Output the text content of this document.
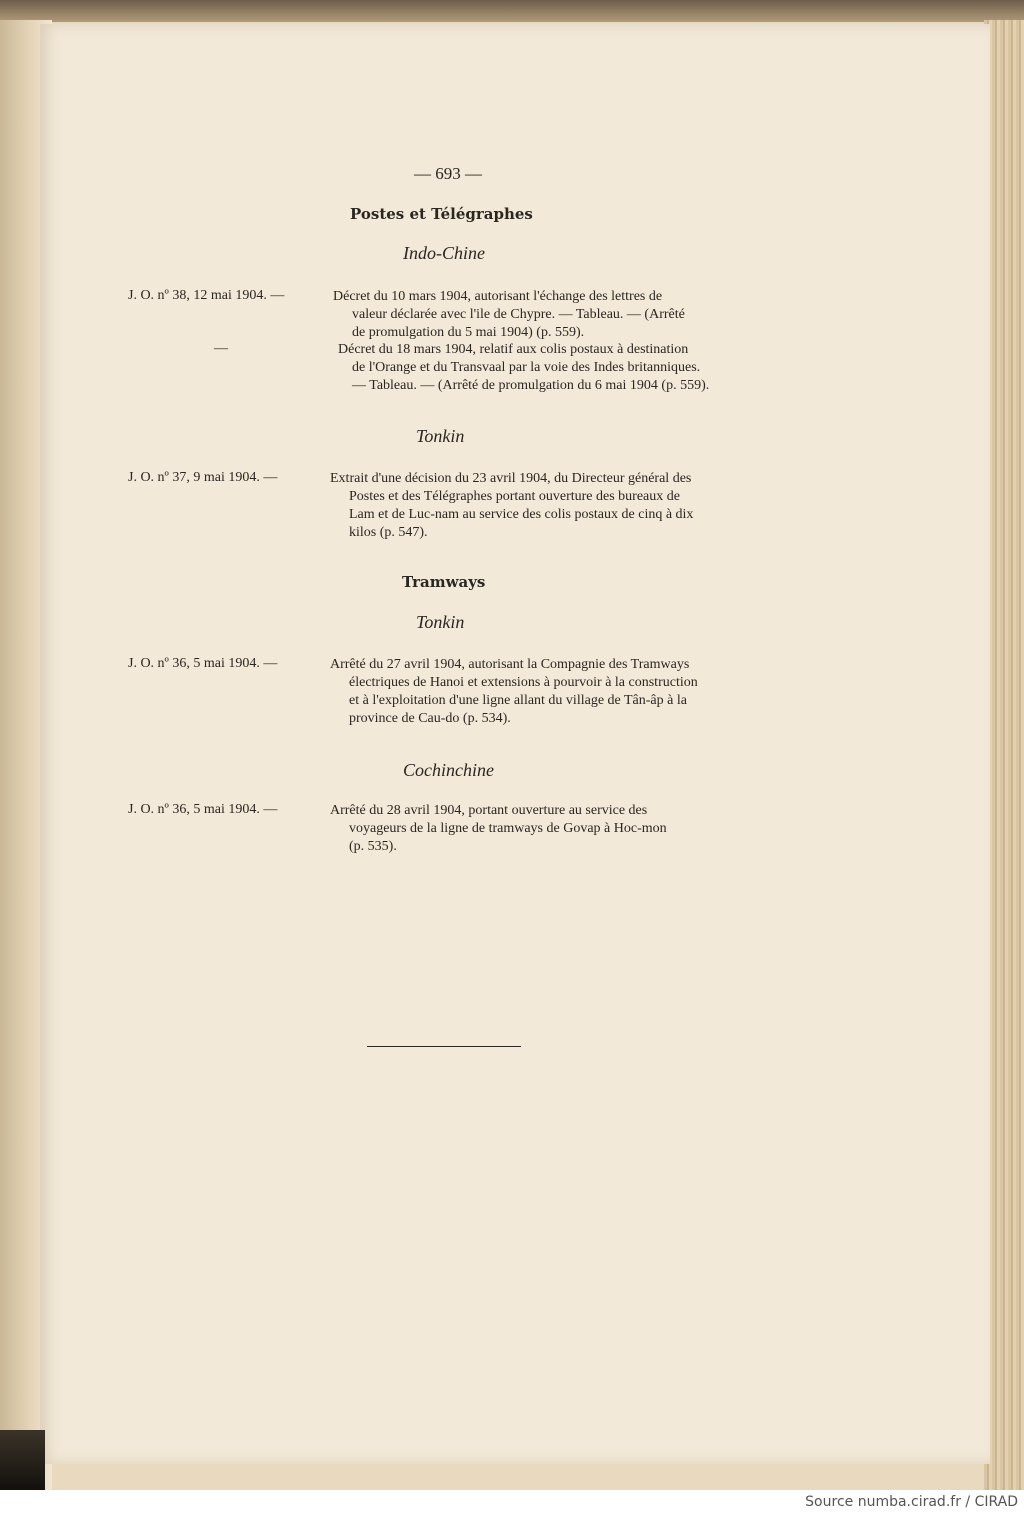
— 693 —
Postes et Télégraphes
Indo-Chine
J. O. nº 38, 12 mai 1904. —	Décret du 10 mars 1904, autorisant l'échange des lettres de
valeur déclarée avec l'ile de Chypre. — Tableau. — (Arrêté
de promulgation du 5 mai 1904) (p. 559).

—	Décret du 18 mars 1904, relatif aux colis postaux à destination
de l'Orange et du Transvaal par la voie des Indes britanniques.
— Tableau. — (Arrêté de promulgation du 6 mai 1904 (p. 559).

Tonkin
J. O. nº 37, 9 mai 1904. —	Extrait d'une décision du 23 avril 1904, du Directeur général des
Postes et des Télégraphes portant ouverture des bureaux de
Lam et de Luc-nam au service des colis postaux de cinq à dix
kilos (p. 547).

Tramways
Tonkin
J. O. nº 36, 5 mai 1904. —	Arrêté du 27 avril 1904, autorisant la Compagnie des Tramways
électriques de Hanoi et extensions à pourvoir à la construction
et à l'exploitation d'une ligne allant du village de Tân-âp à la
province de Cau-do (p. 534).

Cochinchine
J. O. nº 36, 5 mai 1904. —	Arrêté du 28 avril 1904, portant ouverture au service des
voyageurs de la ligne de tramways de Govap à Hoc-mon
(p. 535).

Source numba.cirad.fr / CIRAD
